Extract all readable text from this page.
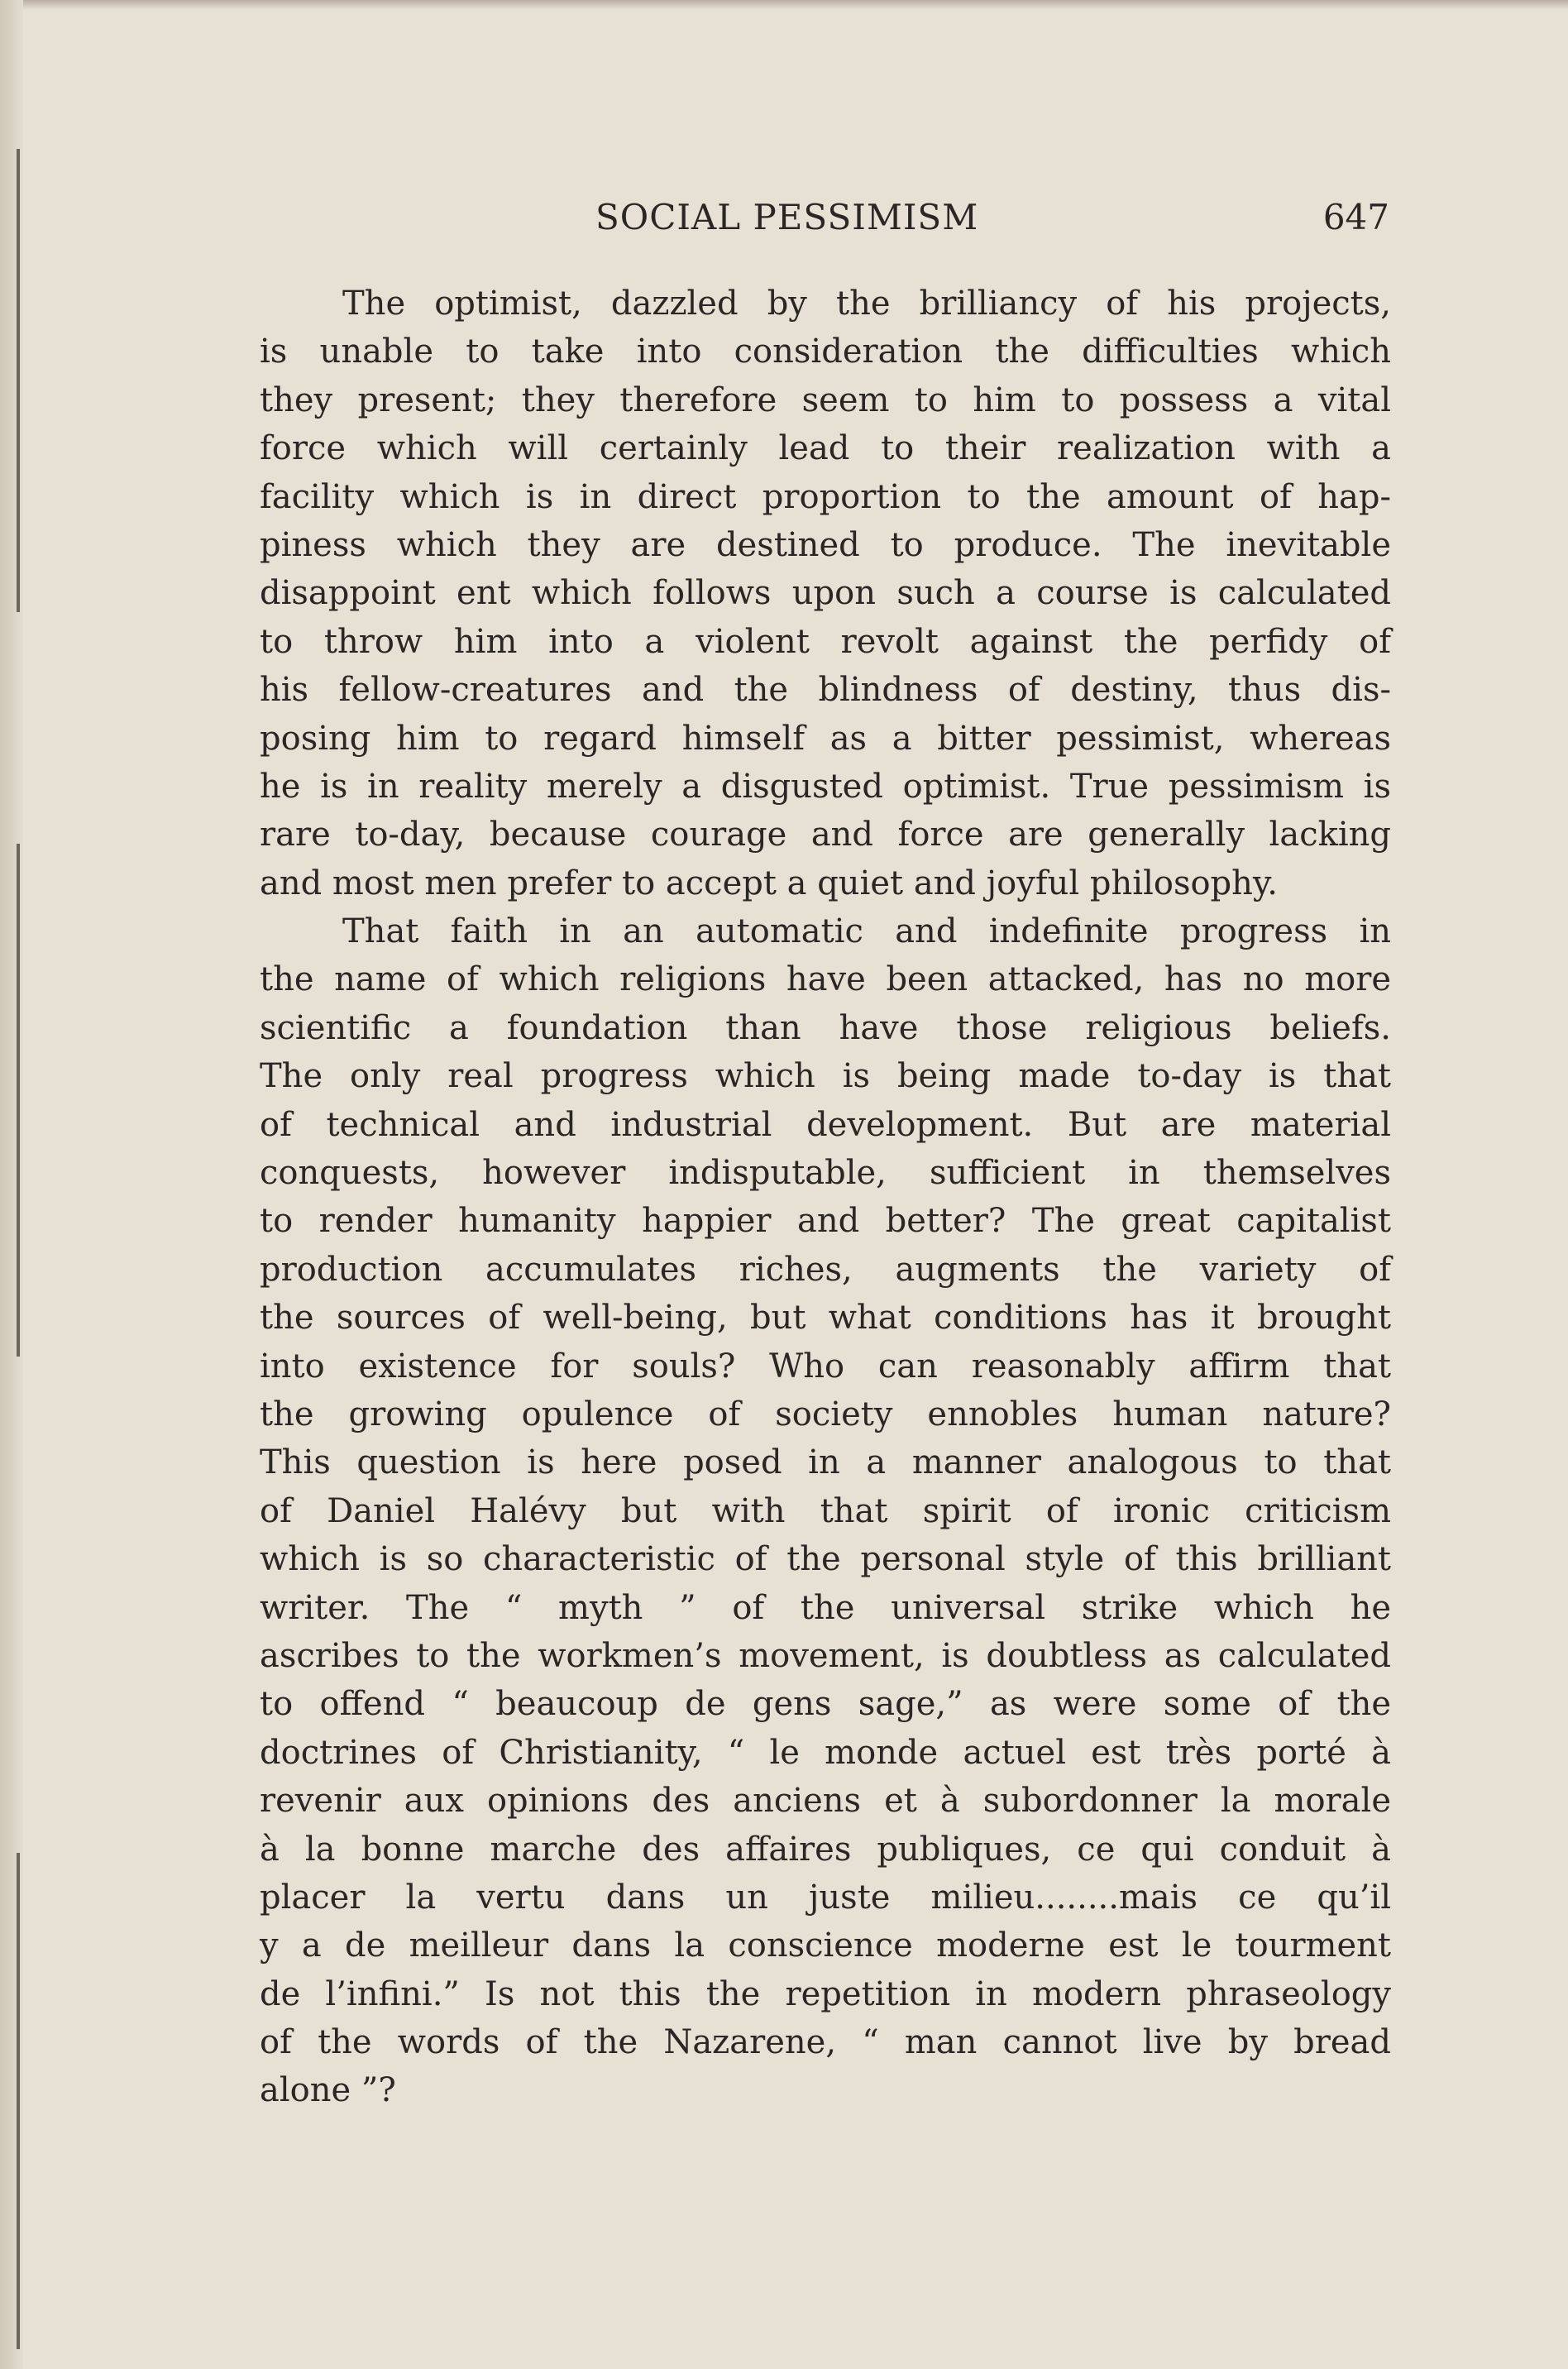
SOCIAL PESSIMISM	647
The optimist, dazzled by the brilliancy of his projects,
is unable to take into consideration the difficulties which
they present; they therefore seem to him to possess a vital
force which will certainly lead to their realization with a
facility which is in direct proportion to the amount of hap-
piness which they are destined to produce. The inevitable
disappoint ent which follows upon such a course is calculated
to throw him into a violent revolt against the perfidy of
his fellow-creatures and the blindness of destiny, thus dis-
posing him to regard himself as a bitter pessimist, whereas
he is in reality merely a disgusted optimist. True pessimism is
rare to-day, because courage and force are generally lacking
and most men prefer to accept a quiet and joyful philosophy.
That faith in an automatic and indefinite progress in
the name of which religions have been attacked, has no more
scientific a foundation than have those religious beliefs.
The only real progress which is being made to-day is that
of technical and industrial development. But are material
conquests, however indisputable, sufficient in themselves
to render humanity happier and better? The great capitalist
production accumulates riches, augments the variety of
the sources of well-being, but what conditions has it brought
into existence for souls? Who can reasonably affirm that
the growing opulence of society ennobles human nature?
This question is here posed in a manner analogous to that
of Daniel Halévy but with that spirit of ironic criticism
which is so characteristic of the personal style of this brilliant
writer. The “ myth ” of the universal strike which he
ascribes to the workmen’s movement, is doubtless as calculated
to offend “ beaucoup de gens sage,” as were some of the
doctrines of Christianity, “ le monde actuel est très porté à
revenir aux opinions des anciens et à subordonner la morale
à la bonne marche des affaires publiques, ce qui conduit à
placer la vertu dans un juste milieu........mais ce qu’il
y a de meilleur dans la conscience moderne est le tourment
de l’infini.” Is not this the repetition in modern phraseology
of the words of the Nazarene, “ man cannot live by bread
alone ”?
